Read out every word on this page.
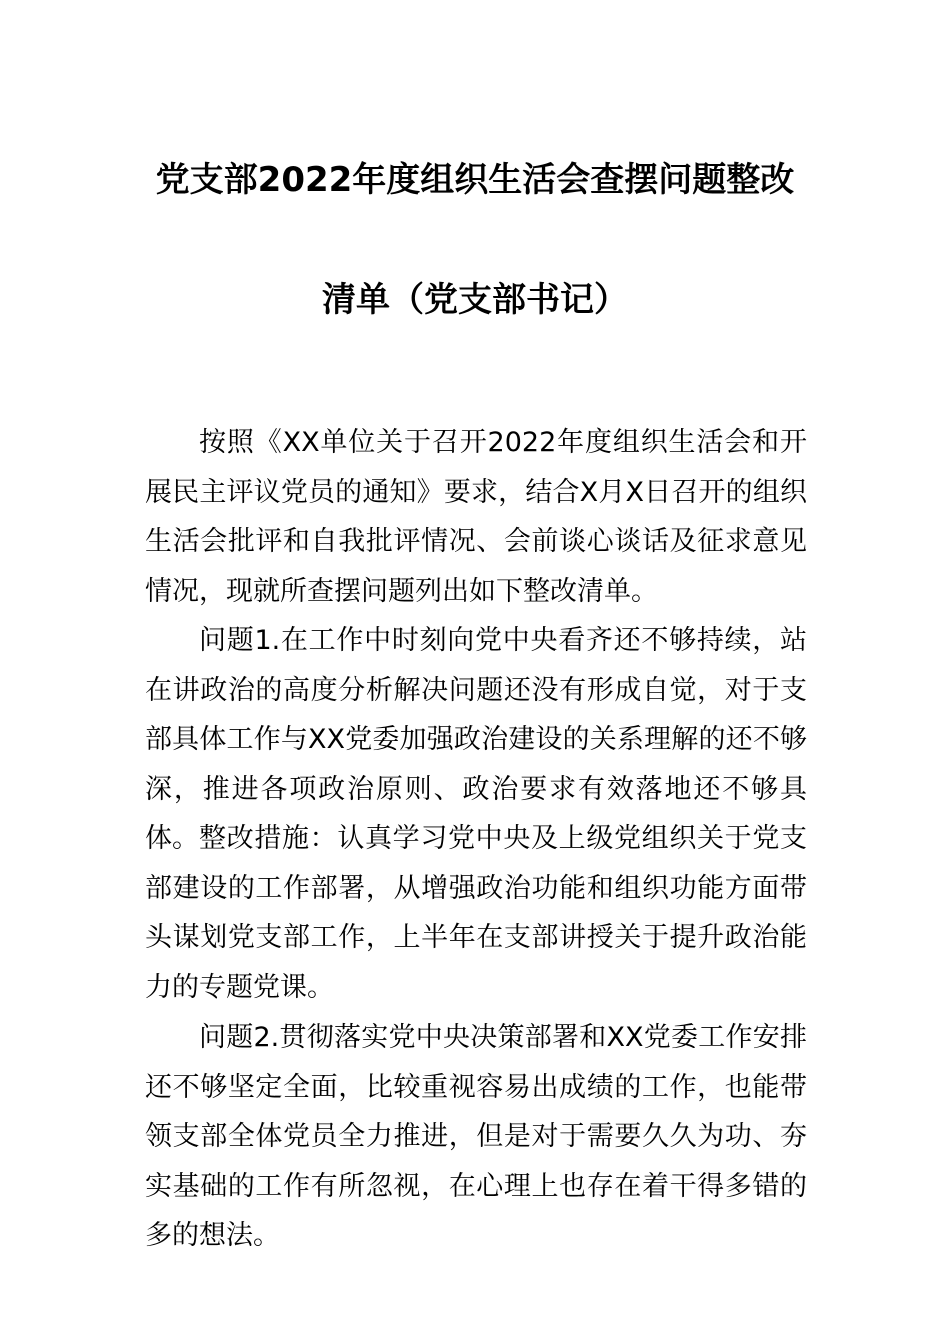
党支部2022年度组织生活会查摆问题整改
清单（党支部书记）

按照《XX单位关于召开2022年度组织生活会和开展民主评议党员的通知》要求，结合X月X日召开的组织生活会批评和自我批评情况、会前谈心谈话及征求意见情况，现就所查摆问题列出如下整改清单。

问题1.在工作中时刻向党中央看齐还不够持续，站在讲政治的高度分析解决问题还没有形成自觉，对于支部具体工作与XX党委加强政治建设的关系理解的还不够深，推进各项政治原则、政治要求有效落地还不够具体。 整改措施：认真学习党中央及上级党组织关于党支部建设的工作部署，从增强政治功能和组织功能方面带头谋划党支部工作，上半年在支部讲授关于提升政治能力的专题党课。

问题2.贯彻落实党中央决策部署和XX党委工作安排还不够坚定全面，比较重视容易出成绩的工作，也能带领支部全体党员全力推进，但是对于需要久久为功、夯实基础的工作有所忽视，在心理上也存在着干得多错的多的想法。
